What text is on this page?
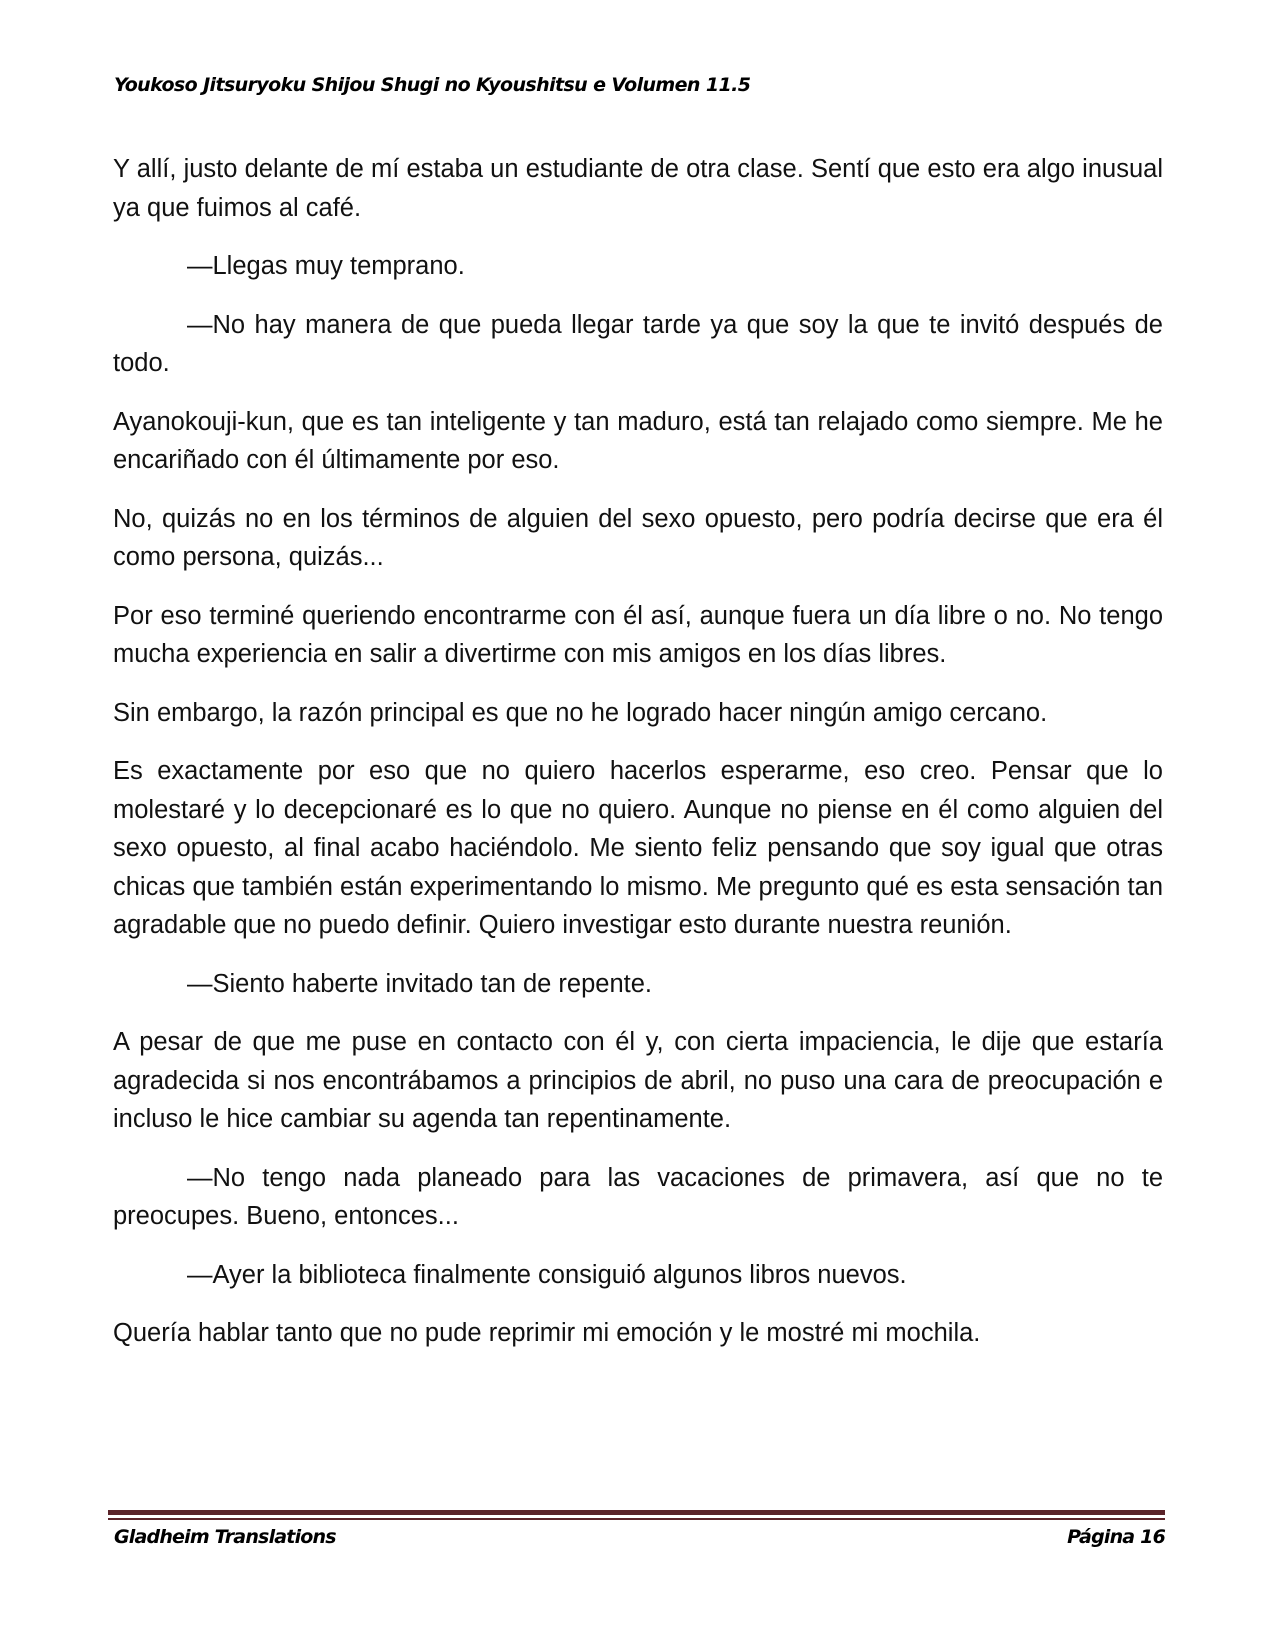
Youkoso Jitsuryoku Shijou Shugi no Kyoushitsu e Volumen 11.5

Y allí, justo delante de mí estaba un estudiante de otra clase. Sentí que esto era algo inusual ya que fuimos al café.

—Llegas muy temprano.

—No hay manera de que pueda llegar tarde ya que soy la que te invitó después de todo.

Ayanokouji-kun, que es tan inteligente y tan maduro, está tan relajado como siempre. Me he encariñado con él últimamente por eso.

No, quizás no en los términos de alguien del sexo opuesto, pero podría decirse que era él como persona, quizás...

Por eso terminé queriendo encontrarme con él así, aunque fuera un día libre o no. No tengo mucha experiencia en salir a divertirme con mis amigos en los días libres.

Sin embargo, la razón principal es que no he logrado hacer ningún amigo cercano.

Es exactamente por eso que no quiero hacerlos esperarme, eso creo. Pensar que lo molestaré y lo decepcionaré es lo que no quiero. Aunque no piense en él como alguien del sexo opuesto, al final acabo haciéndolo. Me siento feliz pensando que soy igual que otras chicas que también están experimentando lo mismo. Me pregunto qué es esta sensación tan agradable que no puedo definir. Quiero investigar esto durante nuestra reunión.

—Siento haberte invitado tan de repente.

A pesar de que me puse en contacto con él y, con cierta impaciencia, le dije que estaría agradecida si nos encontrábamos a principios de abril, no puso una cara de preocupación e incluso le hice cambiar su agenda tan repentinamente.

—No tengo nada planeado para las vacaciones de primavera, así que no te preocupes. Bueno, entonces...

—Ayer la biblioteca finalmente consiguió algunos libros nuevos.

Quería hablar tanto que no pude reprimir mi emoción y le mostré mi mochila.

Gladheim Translations	Página 16
